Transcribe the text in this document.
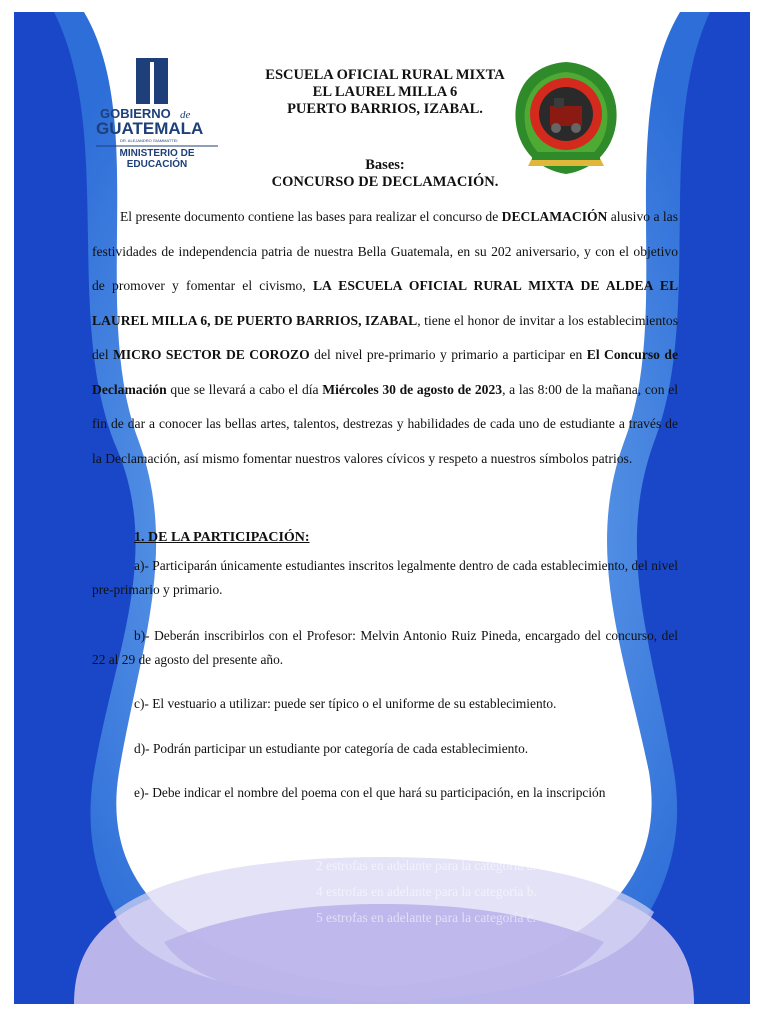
GOBIERNO de
GUATEMALA
DR. ALEJANDRO GIAMMATTEI
MINISTERIO DE
EDUCACIÓN
ESCUELA OFICIAL RURAL MIXTA
EL LAUREL MILLA 6
PUERTO BARRIOS, IZABAL.
Bases:
CONCURSO DE DECLAMACIÓN.

El presente documento contiene las bases para realizar el concurso de DECLAMACIÓN alusivo a las festividades de independencia patria de nuestra Bella Guatemala, en su 202 aniversario, y con el objetivo de promover y fomentar el civismo, LA ESCUELA OFICIAL RURAL MIXTA DE ALDEA EL LAUREL MILLA 6, DE PUERTO BARRIOS, IZABAL, tiene el honor de invitar a los establecimientos del MICRO SECTOR DE COROZO del nivel pre-primario y primario a participar en El Concurso de Declamación que se llevará a cabo el día Miércoles 30 de agosto de 2023, a las 8:00 de la mañana, con el fin de dar a conocer las bellas artes, talentos, destrezas y habilidades de cada uno de estudiante a través de la Declamación, así mismo fomentar nuestros valores cívicos y respeto a nuestros símbolos patrios.

1. DE LA PARTICIPACIÓN:
a)- Participarán únicamente estudiantes inscritos legalmente dentro de cada establecimiento, del nivel pre-primario y primario.
b)- Deberán inscribirlos con el Profesor: Melvin Antonio Ruiz Pineda, encargado del concurso, del 22 al 29 de agosto del presente año.
c)- El vestuario a utilizar: puede ser típico o el uniforme de su establecimiento.
d)- Podrán participar un estudiante por categoría de cada establecimiento.
e)- Debe indicar el nombre del poema con el que hará su participación, en la inscripción
f)- El poema debe tener:
2 estrofas en adelante para la categoría a.
4 estrofas en adelante para la categoría b.
5 estrofas en adelante para la categoría c.
